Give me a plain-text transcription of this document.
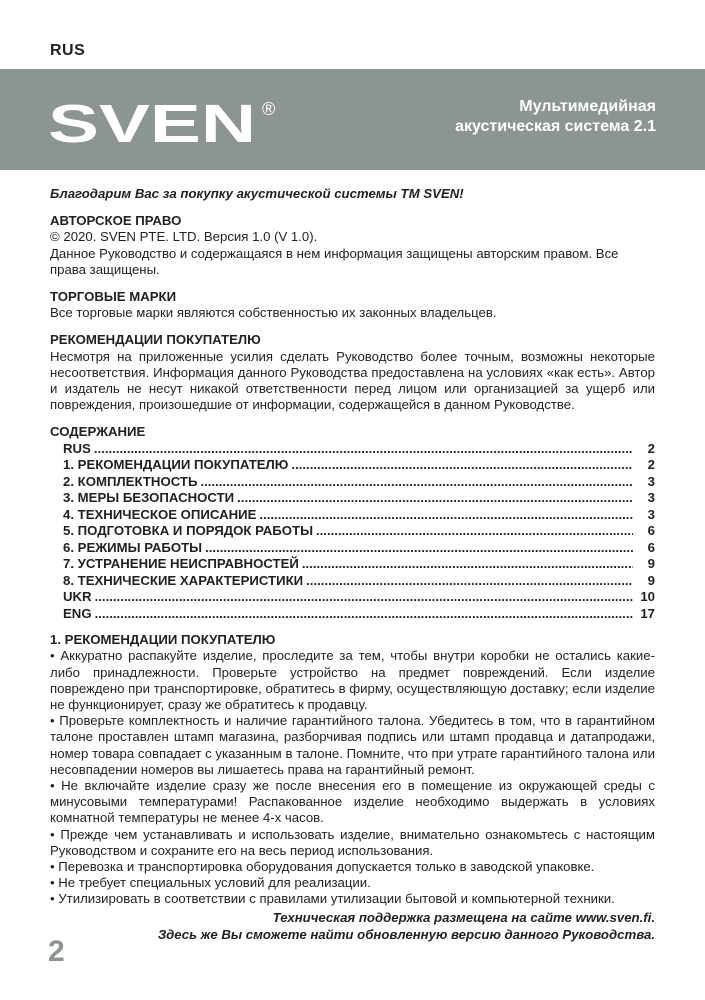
RUS
SVEN ®	Мультимедийная
акустическая система 2.1

Благодарим Вас за покупку акустической системы ТМ SVEN!

АВТОРСКОЕ ПРАВО

© 2020. SVEN PTE. LTD. Версия 1.0 (V 1.0).

Данное Руководство и содержащаяся в нем информация защищены авторским правом. Все права защищены.

ТОРГОВЫЕ МАРКИ

Все торговые марки являются собственностью их законных владельцев.

РЕКОМЕНДАЦИИ ПОКУПАТЕЛЮ

Несмотря на приложенные усилия сделать Руководство более точным, возможны некоторые несоответствия. Информация данного Руководства предоставлена на условиях «как есть». Автор и издатель не несут никакой ответственности перед лицом или организацией за ущерб или повреждения, произошедшие от информации, содержащейся в данном Руководстве.

СОДЕРЖАНИЕ
RUS .....	2
1. РЕКОМЕНДАЦИИ ПОКУПАТЕЛЮ .....	2
2. КОМПЛЕКТНОСТЬ .....	3
3. МЕРЫ БЕЗОПАСНОСТИ .....	3
4. ТЕХНИЧЕСКОЕ ОПИСАНИЕ .....	3
5. ПОДГОТОВКА И ПОРЯДОК РАБОТЫ .....	6
6. РЕЖИМЫ РАБОТЫ .....	6
7. УСТРАНЕНИЕ НЕИСПРАВНОСТЕЙ .....	9
8. ТЕХНИЧЕСКИЕ ХАРАКТЕРИСТИКИ .....	9
UKR .....	10
ENG .....	17
1. РЕКОМЕНДАЦИИ ПОКУПАТЕЛЮ

• Аккуратно распакуйте изделие, проследите за тем, чтобы внутри коробки не остались какие-либо принадлежности. Проверьте устройство на предмет повреждений. Если изделие повреждено при транспортировке, обратитесь в фирму, осуществляющую доставку; если изделие не функционирует, сразу же обратитесь к продавцу.

• Проверьте комплектность и наличие гарантийного талона. Убедитесь в том, что в гарантийном талоне проставлен штамп магазина, разборчивая подпись или штамп продавца и датапродажи, номер товара совпадает с указанным в талоне. Помните, что при утрате гарантийного талона или несовпадении номеров вы лишаетесь права на гарантийный ремонт.

• Не включайте изделие сразу же после внесения его в помещение из окружающей среды с минусовыми температурами! Распакованное изделие необходимо выдержать в условиях комнатной температуры не менее 4-х часов.

• Прежде чем устанавливать и использовать изделие, внимательно ознакомьтесь с настоящим Руководством и сохраните его на весь период использования.

• Перевозка и транспортировка оборудования допускается только в заводской упаковке.

• Не требует специальных условий для реализации.

• Утилизировать в соответствии с правилами утилизации бытовой и компьютерной техники.

Техническая поддержка размещена на сайте www.sven.fi.
Здесь же Вы сможете найти обновленную версию данного Руководства.
2
